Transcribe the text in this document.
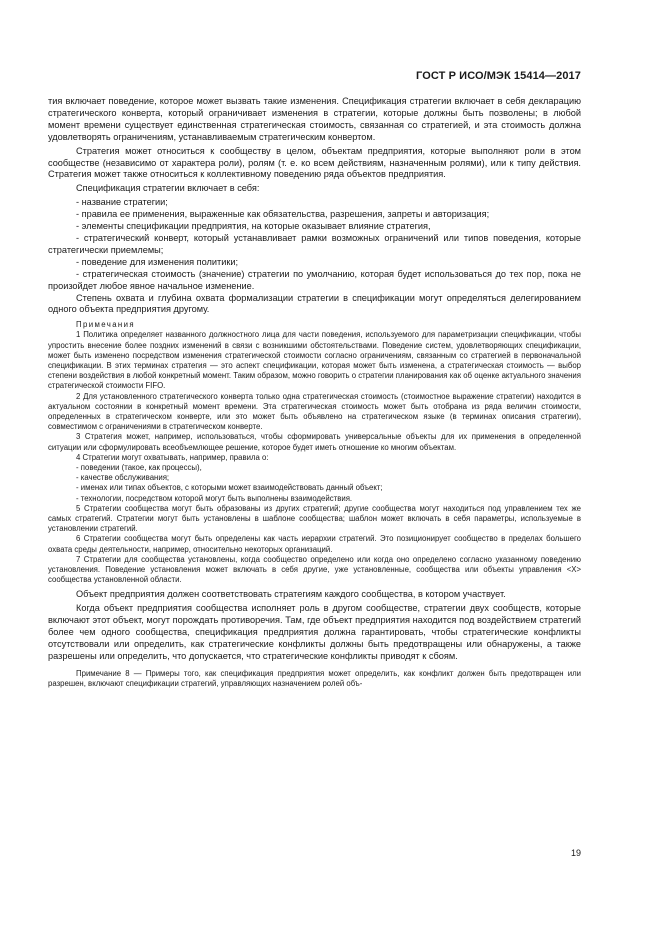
ГОСТ Р ИСО/МЭК 15414—2017

тия включает поведение, которое может вызвать такие изменения. Спецификация стратегии включает в себя декларацию стратегического конверта, который ограничивает изменения в стратегии, которые должны быть позволены; в любой момент времени существует единственная стратегическая стоимость, связанная со стратегией, и эта стоимость должна удовлетворять ограничениям, устанавливаемым стратегическим конвертом.

Стратегия может относиться к сообществу в целом, объектам предприятия, которые выполняют роли в этом сообществе (независимо от характера роли), ролям (т. е. ко всем действиям, назначенным ролями), или к типу действия. Стратегия может также относиться к коллективному поведению ряда объектов предприятия.

Спецификация стратегии включает в себя:

- название стратегии;

- правила ее применения, выраженные как обязательства, разрешения, запреты и авторизация;

- элементы спецификации предприятия, на которые оказывает влияние стратегия,

- стратегический конверт, который устанавливает рамки возможных ограничений или типов поведения, которые стратегически приемлемы;

- поведение для изменения политики;

- стратегическая стоимость (значение) стратегии по умолчанию, которая будет использоваться до тех пор, пока не произойдет любое явное начальное изменение.

Степень охвата и глубина охвата формализации стратегии в спецификации могут определяться делегированием одного объекта предприятия другому.

Примечания

1 Политика определяет названного должностного лица для части поведения, используемого для параметризации спецификации, чтобы упростить внесение более поздних изменений в связи с возникшими обстоятельствами. Поведение систем, удовлетворяющих спецификации, может быть изменено посредством изменения стратегической стоимости согласно ограничениям, связанным со стратегией в первоначальной спецификации. В этих терминах стратегия — это аспект спецификации, которая может быть изменена, а стратегическая стоимость — выбор степени воздействия в любой конкретный момент. Таким образом, можно говорить о стратегии планирования как об оценке актуального значения стратегической стоимости FIFO.

2 Для установленного стратегического конверта только одна стратегическая стоимость (стоимостное выражение стратегии) находится в актуальном состоянии в конкретный момент времени. Эта стратегическая стоимость может быть отобрана из ряда величин стоимости, определенных в стратегическом конверте, или это может быть объявлено на стратегическом языке (в терминах описания стратегии), совместимом с ограничениями в стратегическом конверте.

3 Стратегия может, например, использоваться, чтобы сформировать универсальные объекты для их применения в определенной ситуации или сформулировать всеобъемлющее решение, которое будет иметь отношение ко многим объектам.

4 Стратегии могут охватывать, например, правила о:

- поведении (такое, как процессы),

- качестве обслуживания;

- именах или типах объектов, с которыми может взаимодействовать данный объект;

- технологии, посредством которой могут быть выполнены взаимодействия.

5 Стратегии сообщества могут быть образованы из других стратегий; другие сообщества могут находиться под управлением тех же самых стратегий. Стратегии могут быть установлены в шаблоне сообщества; шаблон может включать в себя параметры, используемые в установлении стратегий.

6 Стратегии сообщества могут быть определены как часть иерархии стратегий. Это позиционирует сообщество в пределах большего охвата среды деятельности, например, относительно некоторых организаций.

7 Стратегии для сообщества установлены, когда сообщество определено или когда оно определено согласно указанному поведению установления. Поведение установления может включать в себя другие, уже установленные, сообщества или объекты управления <X> сообщества установленной области.

Объект предприятия должен соответствовать стратегиям каждого сообщества, в котором участвует.

Когда объект предприятия сообщества исполняет роль в другом сообществе, стратегии двух сообществ, которые включают этот объект, могут порождать противоречия. Там, где объект предприятия находится под воздействием стратегий более чем одного сообщества, спецификация предприятия должна гарантировать, чтобы стратегические конфликты отсутствовали или определить, как стратегические конфликты должны быть предотвращены или обнаружены, а также разрешены или определить, что допускается, что стратегические конфликты приводят к сбоям.

Примечание 8 — Примеры того, как спецификация предприятия может определить, как конфликт должен быть предотвращен или разрешен, включают спецификации стратегий, управляющих назначением ролей объ-

19
